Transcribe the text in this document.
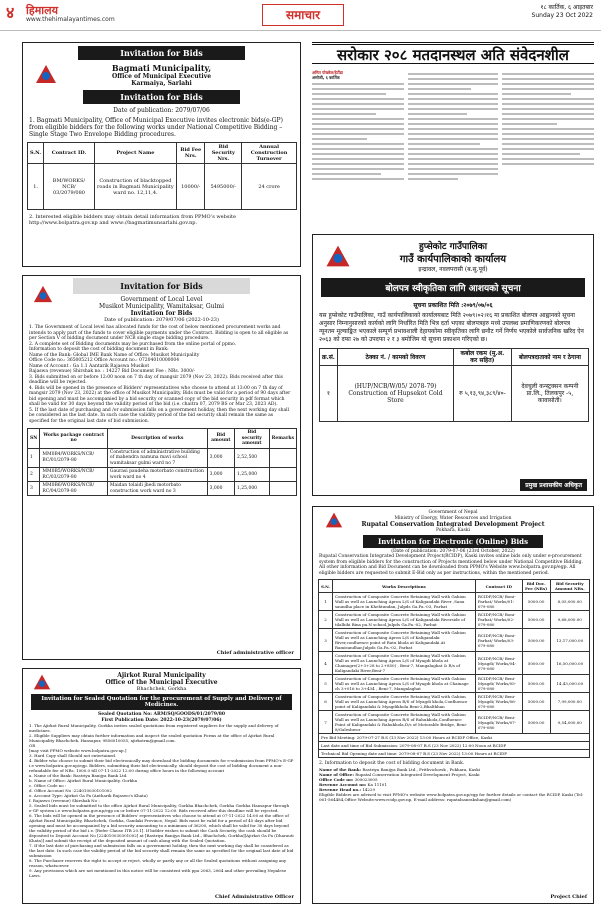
४	हिमालय
www.thehimalayantimes.com	समाचार
१८ कार्तिक, ६ आइतबार
Sunday 23 Oct 2022
Invitation for Bids
Bagmati Municipality,
Office of Municipal Executive
Karmaiya, Sarlahi
Invitation for Bids
Date of publication: 2079/07/06
1. Bagmati Municipality, Office of Municipal Executive invites electronic bids(e-GP) from eligible bidders for the following works under National Competitive Bidding – Single Stage Two Envelope Bidding procedures.
S.N.	Contract ID.	Project Name	Bid Fee Nrs.	Bid Security Nrs.	Annual Construction Turnover
1.	BM/WORKS/ NCB/ 03/2079/080	Construction of blacktopped roads in Bagmati Municipality ward no. 12,11,4.	10000/-	5495000/-	24 crore
2. Interested eligible bidders may obtain detail information from PPMO’s website http://www.bolpatra.gov.np and www://bagmatimunsarlahi.gov.np.
Invitation for Bids
Government of Local Level
Musikot Municipality, Wamitaksar, Gulmi
Invitation for Bids
Date of publication: 2079/07/06 (2022-10-23)
1. The Government of Local level has allocated funds for the cost of below mentioned procurement works and intends to apply part of the funds to cover eligible payments under the Contract. Bidding is open to all eligible as per Section V of bidding document under NCB single stage bidding procedure.
2. A complete set of Bidding documents may be purchased from the online portal of ppmo.
Information to deposit the cost of bidding document in Bank:
Name of the Bank: Global IME Bank Name of Office: Musikot Municipality
Office Code no.: 365005212 Office Account no.: 07204010000004
Name of Account : Ga 1.1 Aantarik Rajaswa Musikot
Rajaswa (revenue) Shirshak no. : 14227 Bid Document Fee : NRs. 3000/-
3. Bids submitted on or before 12:00 noon on 7 th day of mangsir 2079 (Nov 23, 2022). Bids received after this deadline will be rejected.
4. Bids will be opened in the presence of Bidders' representatives who choose to attend at 13:00 on 7 th day of mangsir 2079 (Nov 23, 2022) at the office of Musikot Municipality. Bids must be valid for a period of 90 days after bid opening and must be accompanied by a bid security or scanned copy of the bid security in pdf format which shall be valid for 30 days beyond the validity period of the bid (i.e. chaitra 07, 2079 BS or Mar 23, 2023 AD).
5. If the last date of purchasing and /or submission falls on a government holiday, then the next working day shall be considered as the last date. In such case the validity period of the bid security shall remain the same as specified for the original last date of bid submission.
SN	Works package contract no	Description of works	Bid amount	Bid security amount	Remarks
1	MM0B4/WORKS/NCB/ BC/01/2079-80	Construction of administrative building of mahendra namuna mavi school wamitaksar gulmi ward no 7	3,000	2,52,500	
2	MM0B5/WORKS/NCB/ RC/03/2079-80	Gaurasi paudeha motorbato construction work ward no 4	3,000	1,25,000	
3	MM0B6/WORKS/NCB/ RC/04/2079-80	Maidan tolaidi jhedi motorbato construction work ward no 3	3,000	1,25,000	
Chief administrative officer
Ajirkot Rural Municipality
Office of the Municipal Executive
Bhachchek, Gorkha
Invitation for Sealed Quotation for the procurement of Supply and Delivery of Medicines.
Sealed Quotation No: ARM/SQ/GOODS/01/2079/80
First Publication Date: 2022-10-23(2079/07/06)
1. The Ajirkot Rural Municipality, Gorkha invites sealed quotations from registered suppliers for the supply and delivery of medicines.
2. Eligible Suppliers may obtain further information and inspect the sealed quotation Forms at the office of Ajirkot Rural Municipality Bhachchek, Hansapur, 9856010055, ajirkotrm@gmail.com.
OR
[may visit PPMO website www.bolpatra.gov.np.]
3. Hard Copy shall Should not entertained.
4. Bidder who choose to submit their bid electronically may download the bidding documents for e-submission from PPMO's E-GP i.e www.bolpatra.gov.np/egp. Bidders, submitting their bid electronically, should deposit the cost of bidding document a non-refundable fee of NRs. 1000.0 till 07-11-2022 12:00 during office hours in the following account
a. Name of the Bank: Rastriya Banijya Bank Ltd.
b. Name of Office: Ajirkot Rural Municipality, Gorkha
c. Office Code no :
d. Office Account No :224010030101002
e. Account Type: Ajirkot Ga Pa (Antharik Rajaswo's Khata)
f. Rajaswo (revenue) Shirshak No :
5. Sealed bids must be submitted to the office Ajirkot Rural Municipality, Gorkha Bhachchek, Gorkha Gorkha Hansapur through e-GP system i.e www.bolpatra.gov.np/egp on or before 07-11-2022 12:00. Bids received after this deadline will be rejected.
6. The bids will be opened in the presence of Bidders' representatives who choose to attend at 07-11-2022 14:00 at the office of Ajirkot Rural Municipality, Bhachchek, Gorkha, Gandaki Province, Nepal. Bids must be valid for a period of 45 days after bid opening and must be accompanied by a bid security amounting to a minimum of 36200, which shall be valid for 30 days beyond the validity period of the bid i.e. [Refer Clause ITB 20.1]. If bidder wishes to submit the Cash Security, the cash should be deposited to Deposit Account No [224010030301002] at [Rastriya Banijya Bank Ltd., Bhachchek, Gorkha][Ajirkot Ga Pa (Dharauti Khata)] and submit the receipt of the deposited amount of cash along with the Sealed Quotation.
7. If the last date of purchasing and submission falls on a government holiday, then the next working day shall be considered as the last date. In such case the validity period of the bid security shall remain the same as specified for the original last date of bid submission
8. The Purchaser reserves the right to accept or reject, wholly or partly any or all the Sealed quotations without assigning any reason, whatsoever.
9. Any provisions which are not mentioned in this notice will be consistent with ppa 2063, 2064 and other prevailing Nepalese Laws.
Chief Administrative Officer
सरोकार २०८ मतदानस्थल अति संवेदनशील
अमित पोखरेल/हेटौंडा
असोजी, ६ कार्तिक
हुप्सेकोट गाउँपालिका
गाउँ कार्यपालिकाको कार्यालय
इन्द्रावल, नवलपरासी (ब.सु.पूर्व)
बोलपत्र स्वीकृतिका लागि आशयको सूचना
सूचना प्रकाशित मिति :२०७९/०७/०६
यस हुप्सेकोट गाउँपालिका, गाउँ कार्यपालिकाको कार्यालयबाट मिति २०७९।०२।१६ मा प्रकाशित बोलपत्र आह्वानको सूचना अनुसार निम्नानुसारको कार्यको लागि निर्धारित मिति भित्र दर्ता भएका बोलपत्रहरु मध्ये उपलब्ध प्रमाणिकरणको बोलपत्र न्यूनतम मूल्याङ्कित भएकाले सम्पूर्ण प्रभावशाली देहायकोमा स्वीकृतिका लागि छनौट गर्ने निर्णय भएकोले सार्वजनिक खरिद ऐन २०६३ को दफा २७ को उपदफा २ र ३ बमोजिम यो सूचना प्रकाशन गरिएको छ।
क्र.सं.	ठेक्का नं. / कामको विवरण	कबोल रकम (मु.अ. कर सहित)	बोलपत्रदाताको नाम र ठेगाना
१	(HUP/NCB/W/05/ 2078-79) Construction of Hupsekot Cold Store	रु ५,१३,९४,३८९/४०-	देवचुली कन्स्ट्रक्सन कम्पनी प्रा.लि., तिलकपुर -५, कावासोती।
प्रमुख प्रशासकीय अधिकृत
Government of Nepal
Ministry of Energy, Water Resources and Irrigation
Rupatal Conservation Integrated Development Project
Pokhara, Kaski
Invitation for Electronic (Online) Bids
(Date of publication: 2079-07-06 (23rd October, 2022)
Rupatal Conservation Integrated Development Project(RCIDP), Kaski invites online bids only under e-procurement system from eligible bidders for the construction of Projects mentioned below under National Competitive Bidding. All other information and Bid Document can be downloaded from PPMO's Website www.bolpatra.gov.np/egp. All eligible bidders are requested to submit E-Bid only as per instructions, within the mentioned period.
S.N.	Works Descriptions	Contract ID	Bid Doc. Fee (NRs)	Bid Security Amount NRs.
1	Construction of Composite Concrete Retaining Wall with Gabion Wall as well as Launching Apron L/S of Kaligandaki River ,Sanu saundha place in Khehtundan, Julpds Ga.Pa.-03, Parbat	RCIDP/NCB/ Boni-Parbat/ Works/01-079-080	5000.00	8,05,000.00
2	Construction of Composite Concrete Retaining Wall with Gabion Wall as well as Launching Apron L/S of Kaligandaki Riverside of tilalbihi Bina pa.N school,Julpds Ga.Pa.-02, Parbat	RCIDP/NCB/ Boni-Parbat/ Works/02-079-080	5000.00	9,68,000.00
3	Construction of Composite Concrete Retaining Wall with Gabion Wall as well as Launching Apron L/S of Kaligandaki River,confluence point of Ratu khola at Kaligandaki At Ramisundhar,Julpds Ga.Pa.-02, Parbat	RCIDP/NCB/ Boni-Parbat/ Works/03-079-080	5000.00	13,17,000.00
4	Construction of Composite Concrete Retaining Wall with Gabion Wall as well as Launching Apron L/S of Myagdi khola at Chainagre(2+3+28 to 2+850) , Beni-7, Mangalaghat & R/s of Kaligandaki River,Beni-7	RCIDP/NCB/ Beni-Myagdi/ Works/04-079-080	5000.00	16,50,000.00
5	Construction of Composite Concrete Retaining Wall with Gabion Wall as well as Launching Apron L/S of Myagdi khola at Chainage ch 3+016 to 3+434 , Beni-7, Mangalaghat	RCIDP/NCB/ Beni-Myagdi/ Works/05-079-080	5000.00	14,43,000.00
6	Construction of Composite Concrete Retaining Wall with Gabion Wall as well as Launching Apron R/S of Myagdi khola,Confluence point of Kaligandaki & Myagdikhola Beni-2,Bhalthhan	RCIDP/NCB/ Beni-Myagdi/ Works/06-079-080	5000.00	7,99,000.00
7	Construction of Composite Concrete Retaining Wall with Gabion Wall as well as Launching Apron R/S of Rahukhola,Confluence Point of Kaligandaki & Rahukhola,D/s of Motorable Bridge, Beni-8/Galeshwor	RCIDP/NCB/ Beni-Myagdi/ Works/07-079-080	5000.00	9,54,000.00
Pre Bid Meeting: 2079-07-27 B.S (13 Nov 2022) 13:00 Hours at RCIDP Office, Kaski				
Last date and time of Bid Submission: 2079-08-07 B.S (23 Nov 2022) 12:00 Noon at RCIDP				
Technical Bid Opening date and time: 2079-08-07 B.S (23 Nov 2022) 13:00 Hours at RCIDP				
2. Information to deposit the cost of bidding document in Bank.
Name of the Bank: Rastriya Banijya Bank Ltd., Prithvichowk , Pokhara, Kaski
Name of Office: Rupatal Conservation Integrated Development Project, Kaski
Office Code no: 300023005
Revenue Account no: Ka 11101
Revenue Head no.: 14229
Eligible Bidders are advised to visit PPMO's website www.bolpatra.gov.np/egp for further details or contact the RCIDP, Kaski (Tel: 061-564484,Office Website:www.rcidp.gov.np, E-mail address: rupatalsanrakshan@gmail.com)
Project Chief
